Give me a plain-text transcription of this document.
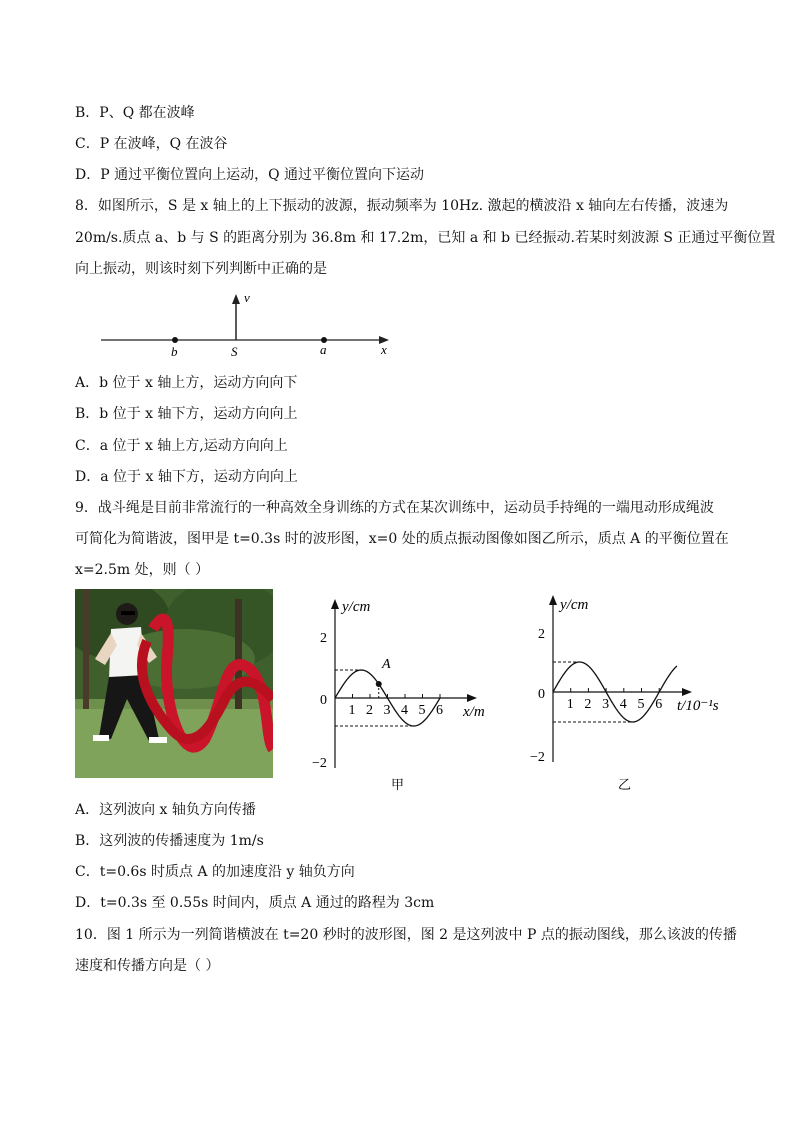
B．P、Q 都在波峰
C．P 在波峰，Q 在波谷
D．P 通过平衡位置向上运动，Q 通过平衡位置向下运动
8．如图所示，S 是 x 轴上的上下振动的波源，振动频率为 10Hz. 激起的横波沿 x 轴向左右传播，波速为
20m/s.质点 a、b 与 S 的距离分别为 36.8m 和 17.2m，已知 a 和 b 已经振动.若某时刻波源 S 正通过平衡位置
向上振动，则该时刻下列判断中正确的是
v
b	S	a	x
A．b 位于 x 轴上方，运动方向向下
B．b 位于 x 轴下方，运动方向向上
C．a 位于 x 轴上方,运动方向向上
D．a 位于 x 轴下方，运动方向向上
9．战斗绳是目前非常流行的一种高效全身训练的方式在某次训练中，运动员手持绳的一端甩动形成绳波
可简化为简谐波，图甲是 t=0.3s 时的波形图，x=0 处的质点振动图像如图乙所示，质点 A 的平衡位置在
x=2.5m 处，则（ ）
y/cm
x/m
2
0
−2
A
1 2 3 4 5 6
甲
y/cm
t/10⁻¹s
2
0
−2
1 2 3 4 5 6
乙
A．这列波向 x 轴负方向传播
B．这列波的传播速度为 1m/s
C．t=0.6s 时质点 A 的加速度沿 y 轴负方向
D．t=0.3s 至 0.55s 时间内，质点 A 通过的路程为 3cm
10．图 1 所示为一列简谐横波在 t=20 秒时的波形图，图 2 是这列波中 P 点的振动图线，那么该波的传播
速度和传播方向是（ ）
